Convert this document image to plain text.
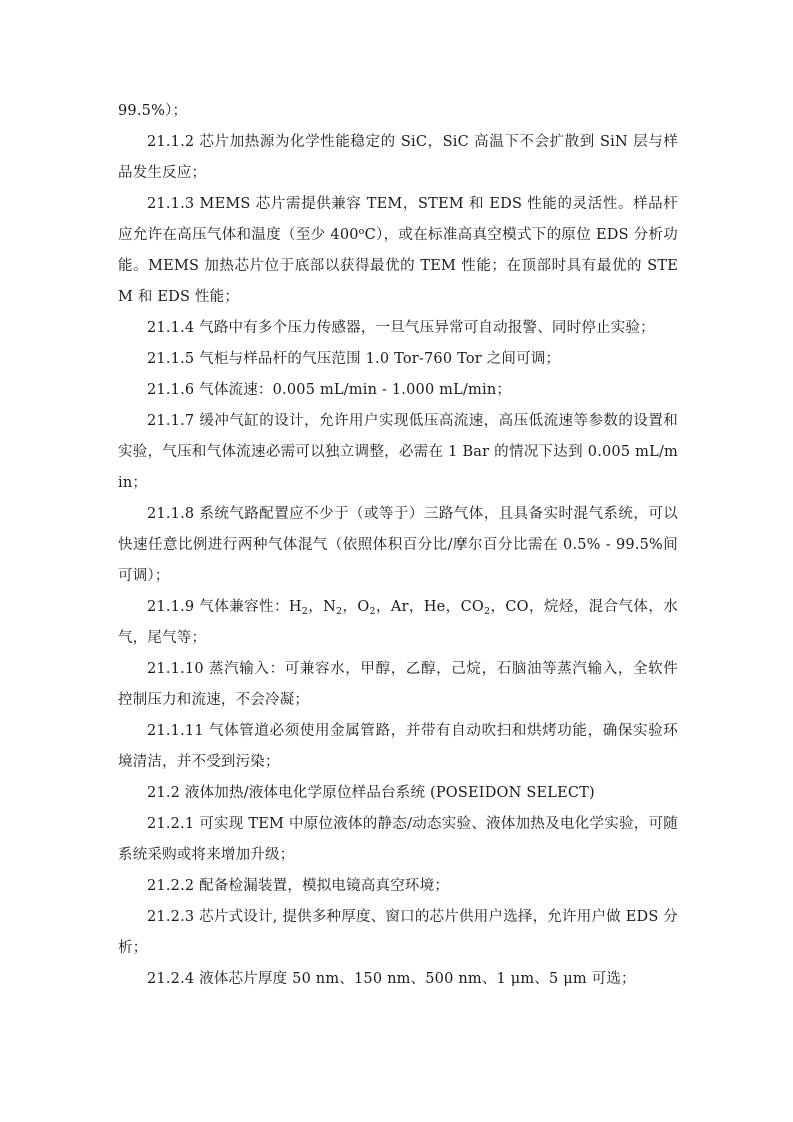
99.5%）；

21.1.2 芯片加热源为化学性能稳定的 SiC，SiC 高温下不会扩散到 SiN 层与样品发生反应；

21.1.3 MEMS 芯片需提供兼容 TEM，STEM 和 EDS 性能的灵活性。样品杆应允许在高压气体和温度（至少 400$^o$C），或在标准高真空模式下的原位 EDS 分析功能。MEMS 加热芯片位于底部以获得最优的 TEM 性能；在顶部时具有最优的 STEM 和 EDS 性能；

21.1.4 气路中有多个压力传感器，一旦气压异常可自动报警、同时停止实验；

21.1.5 气柜与样品杆的气压范围 1.0 Tor-760 Tor 之间可调；

21.1.6 气体流速：0.005 mL/min - 1.000 mL/min；

21.1.7 缓冲气缸的设计，允许用户实现低压高流速，高压低流速等参数的设置和实验，气压和气体流速必需可以独立调整，必需在 1 Bar 的情况下达到 0.005 mL/min；

21.1.8 系统气路配置应不少于（或等于）三路气体，且具备实时混气系统，可以快速任意比例进行两种气体混气（依照体积百分比/摩尔百分比需在 0.5% - 99.5%间可调）；

21.1.9 气体兼容性：$H_2$，$N_2$，$O_2$，Ar，He，$CO_2$，CO，烷烃，混合气体，水气，尾气等；

21.1.10 蒸汽输入：可兼容水，甲醇，乙醇，己烷，石脑油等蒸汽输入，全软件控制压力和流速，不会冷凝；

21.1.11 气体管道必须使用金属管路，并带有自动吹扫和烘烤功能，确保实验环境清洁，并不受到污染；

21.2 液体加热/液体电化学原位样品台系统 (POSEIDON SELECT)

21.2.1 可实现 TEM 中原位液体的静态/动态实验、液体加热及电化学实验，可随系统采购或将来增加升级；

21.2.2 配备检漏装置，模拟电镜高真空环境；

21.2.3 芯片式设计, 提供多种厚度、窗口的芯片供用户选择，允许用户做 EDS 分析；

21.2.4 液体芯片厚度 50 nm、150 nm、500 nm、1 μm、5 μm 可选；
